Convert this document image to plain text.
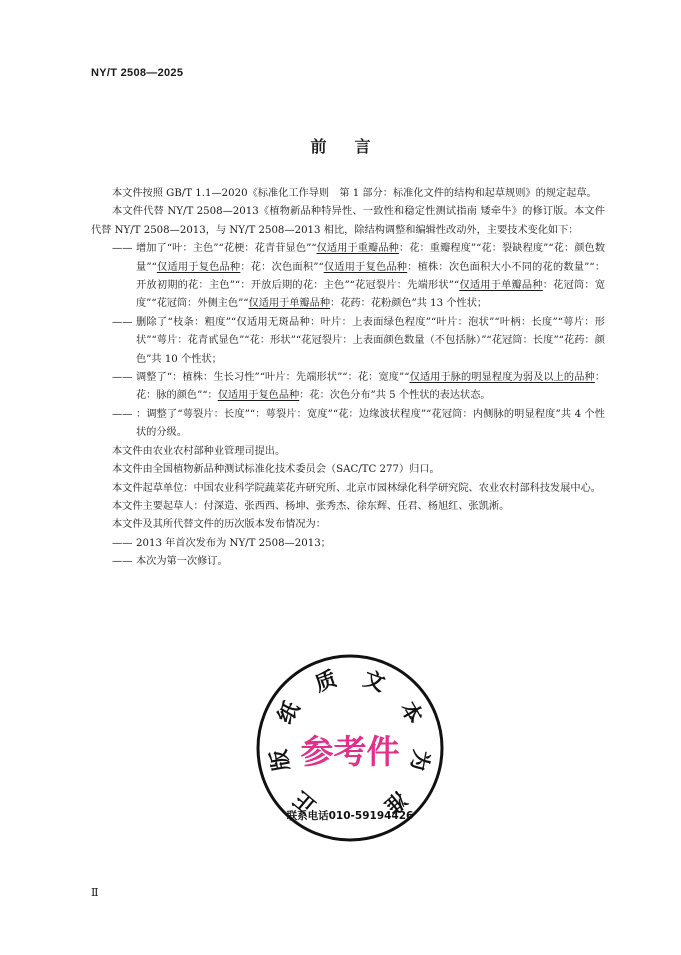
NY/T 2508—2025
前言

本文件按照 GB/T 1.1—2020《标准化工作导则　第 1 部分：标准化文件的结构和起草规则》的规定起草。

本文件代替 NY/T 2508—2013《植物新品种特异性、一致性和稳定性测试指南 矮牵牛》的修订版。本文件代替 NY/T 2508—2013，与 NY/T 2508—2013 相比，除结构调整和编辑性改动外，主要技术变化如下：

—— 增加了“叶：主色”“花梗：花青苷显色”“仅适用于重瓣品种：花：重瓣程度”“花：裂缺程度”“花：颜色数量”“仅适用于复色品种：花：次色面积”“仅适用于复色品种：植株：次色面积大小不同的花的数量”“：开放初期的花：主色”“：开放后期的花：主色”“花冠裂片：先端形状”“仅适用于单瓣品种：花冠筒：宽度”“花冠筒：外侧主色”“仅适用于单瓣品种：花药：花粉颜色”共 13 个性状；
—— 删除了“枝条：粗度”“仅适用无斑品种：叶片：上表面绿色程度”“叶片：泡状”“叶柄：长度”“萼片：形状”“萼片：花青甙显色”“花：形状”“花冠裂片：上表面颜色数量（不包括脉）”“花冠筒：长度”“花药：颜色”共 10 个性状；
—— 调整了“：植株：生长习性”“叶片：先端形状”“：花：宽度”“仅适用于脉的明显程度为弱及以上的品种：花：脉的颜色”“：仅适用于复色品种：花：次色分布”共 5 个性状的表达状态。
—— ：调整了“萼裂片：长度”“：萼裂片：宽度”“花：边缘波状程度”“花冠筒：内侧脉的明显程度”共 4 个性状的分级。

本文件由农业农村部种业管理司提出。

本文件由全国植物新品种测试标准化技术委员会（SAC/TC 277）归口。

本文件起草单位：中国农业科学院蔬菜花卉研究所、北京市园林绿化科学研究院、农业农村部科技发展中心。

本文件主要起草人：付深造、张西西、杨坤、张秀杰、徐东辉、任君、杨旭红、张凯淅。

本文件及其所代替文件的历次版本发布情况为：

—— 2013 年首次发布为 NY/T 2508—2013；
—— 本次为第一次修订。
正
版
纸
质 文
本
为
准
参考件
联系电话010-59194426
Ⅱ
